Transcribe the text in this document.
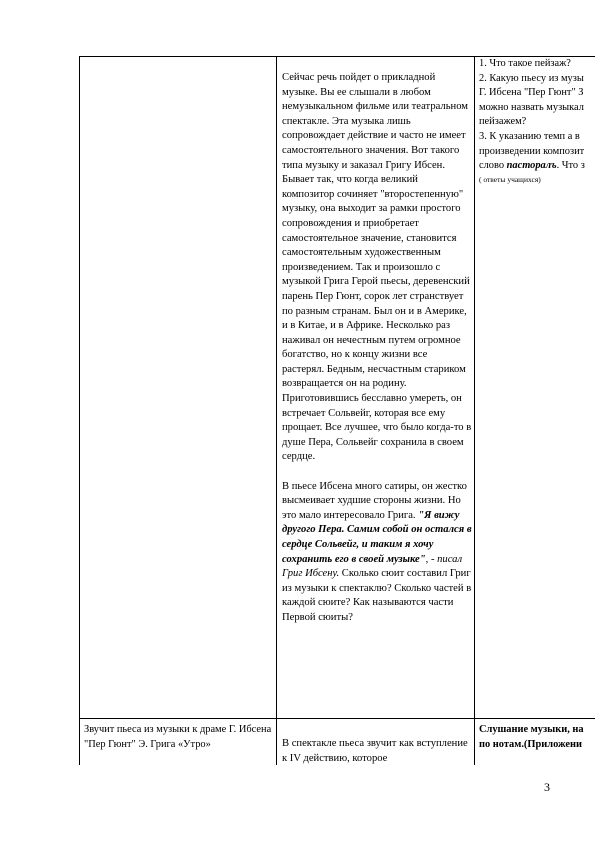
Сейчас речь пойдет о прикладной музыке. Вы ее слышали в любом немузыкальном фильме или театральном спектакле. Эта музыка лишь сопровождает действие и часто не имеет самостоятельного значения. Вот такого типа музыку и заказал Григу Ибсен. Бывает так, что когда великий композитор сочиняет "второстепенную" музыку, она выходит за рамки простого сопровождения и приобретает самостоятельное значение, становится самостоятельным художественным произведением. Так и произошло с музыкой Грига Герой пьесы, деревенский парень Пер Гюнт, сорок лет странствует по разным странам. Был он и в Америке, и в Китае, и в Африке. Несколько раз наживал он нечестным путем огромное богатство, но к концу жизни все растерял. Бедным, несчастным стариком возвращается он на родину. Приготовившись бесславно умереть, он встречает Сольвейг, которая все ему прощает. Все лучшее, что было когда-то в душе Пера, Сольвейг сохранила в своем сердце.

В пьесе Ибсена много сатиры, он жестко высмеивает худшие стороны жизни. Но это мало интересовало Грига. "Я вижу другого Пера. Самим собой он остался в сердце Сольвейг, и таким я хочу сохранить его в своей музыке", - писал Григ Ибсену. Сколько сюит составил Григ из музыки к спектаклю? Сколько частей в каждой сюите? Как называются части Первой сюиты?

1. Что такое пейзаж?

2. Какую пьесу из музы

Г. Ибсена "Пер Гюнт" З

можно назвать музыкал

пейзажем?

3. К указанию темп а в

произведении композит

слово пасторалъ. Что з

( ответы учащихся)

Звучит пьеса из музыки к драме Г. Ибсена "Пер Гюнт" Э. Грига «Утро»	В спектакле пьеса звучит как вступление к IV действию, которое

Слушание музыки, на

по нотам.(Приложени

3
